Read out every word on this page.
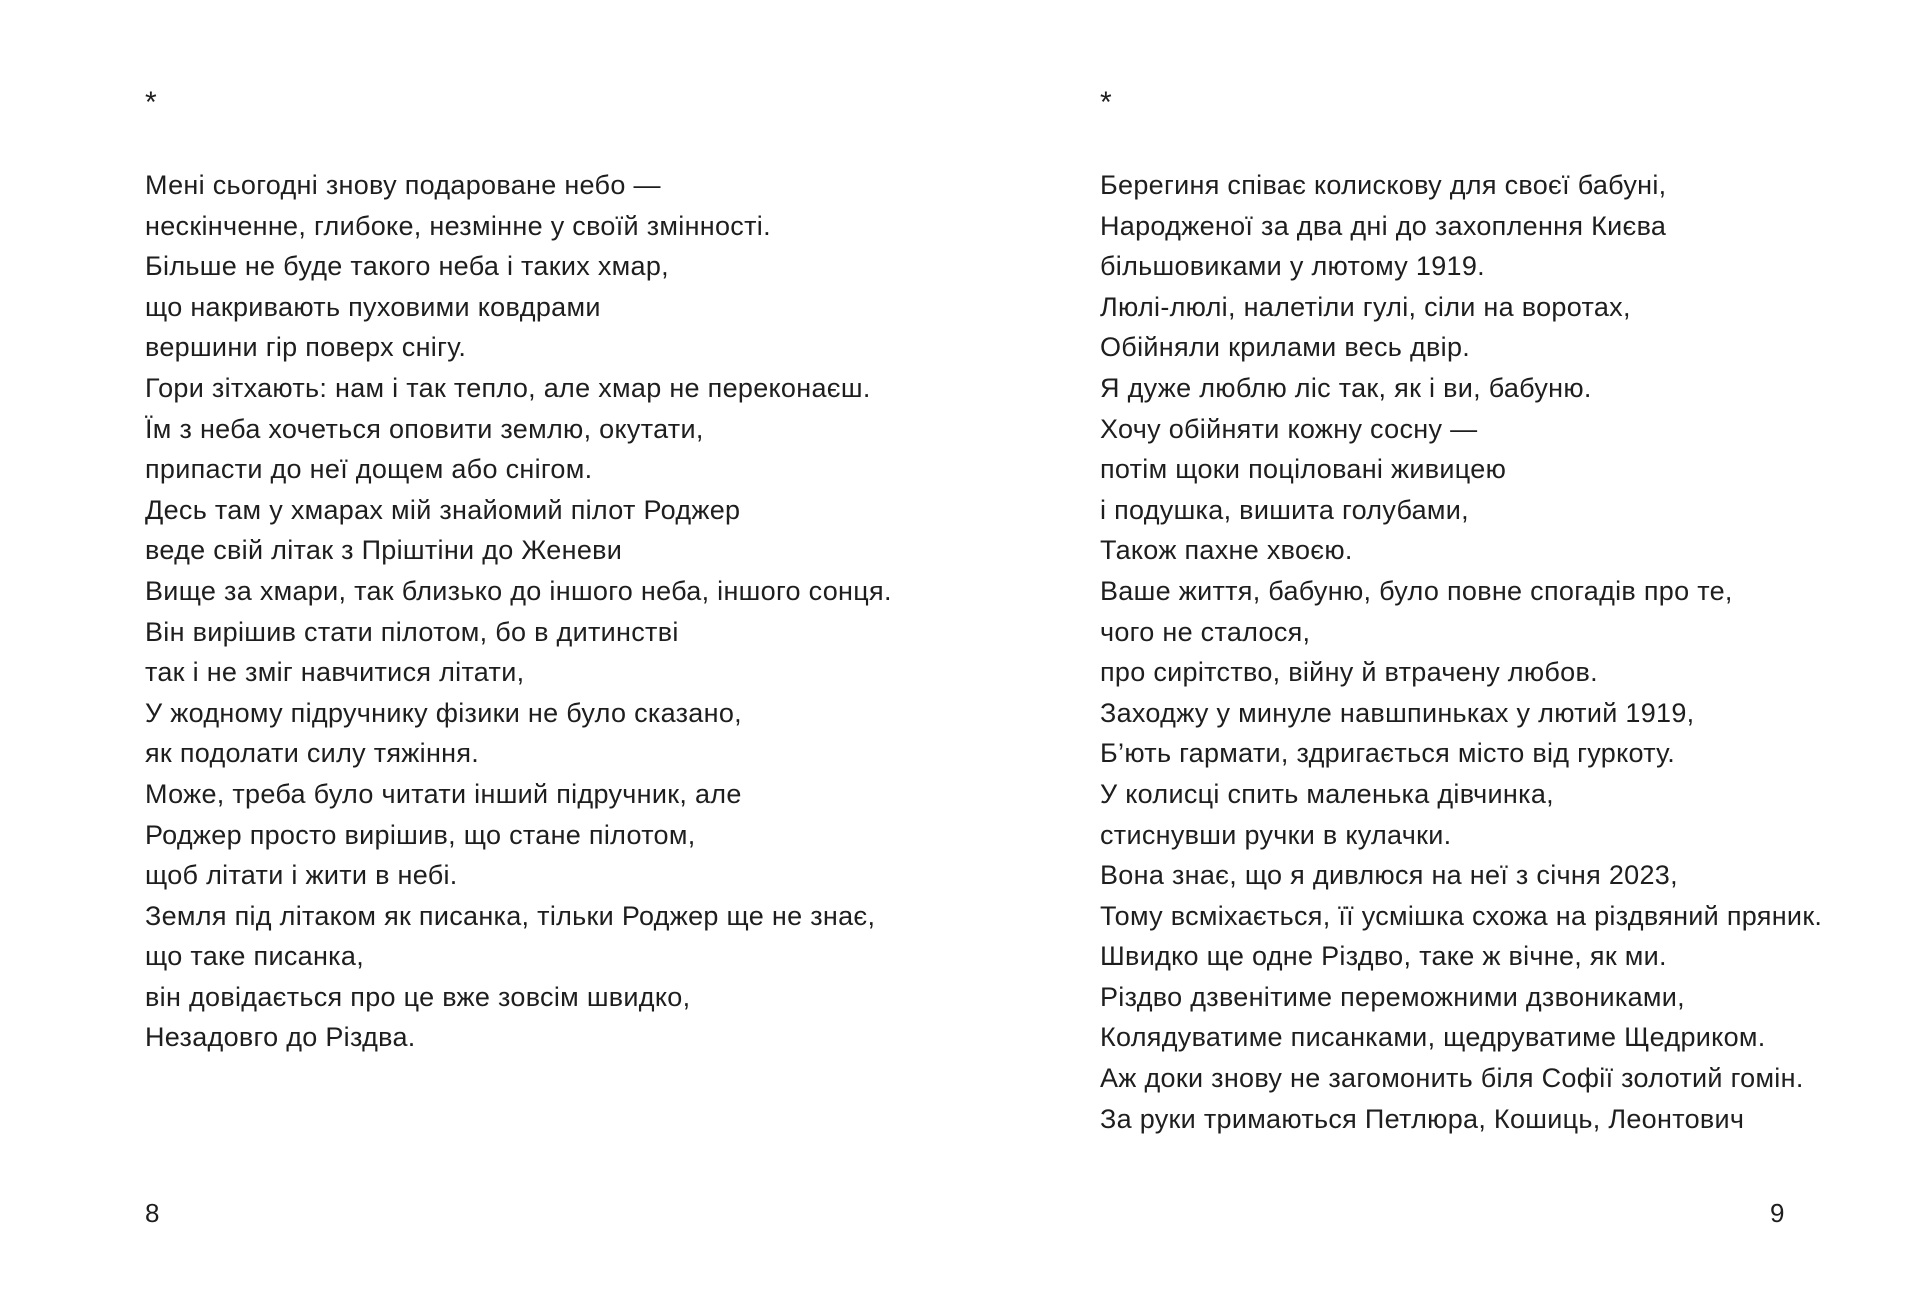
*
Мені сьогодні знову подароване небо —
нескінченне, глибоке, незмінне у своїй змінності.
Більше не буде такого неба і таких хмар,
що накривають пуховими ковдрами
вершини гір поверх снігу.
Гори зітхають: нам і так тепло, але хмар не переконаєш.
Їм з неба хочеться оповити землю, окутати,
припасти до неї дощем або снігом.
Десь там у хмарах мій знайомий пілот Роджер
веде свій літак з Пріштіни до Женеви
Вище за хмари, так близько до іншого неба, іншого сонця.
Він вирішив стати пілотом, бо в дитинстві
так і не зміг навчитися літати,
У жодному підручнику фізики не було сказано,
як подолати силу тяжіння.
Може, треба було читати інший підручник, але
Роджер просто вирішив, що стане пілотом,
щоб літати і жити в небі.
Земля під літаком як писанка, тільки Роджер ще не знає,
що таке писанка,
він довідається про це вже зовсім швидко,
Незадовго до Різдва.
8
*
Берегиня співає колискову для своєї бабуні,
Народженої за два дні до захоплення Києва
більшовиками у лютому 1919.
Люлі-люлі, налетіли гулі, сіли на воротах,
Обійняли крилами весь двір.
Я дуже люблю ліс так, як і ви, бабуню.
Хочу обійняти кожну сосну —
потім щоки поціловані живицею
і подушка, вишита голубами,
Також пахне хвоєю.
Ваше життя, бабуню, було повне спогадів про те,
чого не сталося,
про сирітство, війну й втрачену любов.
Заходжу у минуле навшпиньках у лютий 1919,
Б’ють гармати, здригається місто від гуркоту.
У колисці спить маленька дівчинка,
стиснувши ручки в кулачки.
Вона знає, що я дивлюся на неї з січня 2023,
Тому всміхається, її усмішка схожа на різдвяний пряник.
Швидко ще одне Різдво, таке ж вічне, як ми.
Різдво дзвенітиме переможними дзвониками,
Колядуватиме писанками, щедруватиме Щедриком.
Аж доки знову не загомонить біля Софії золотий гомін.
За руки тримаються Петлюра, Кошиць, Леонтович
9
